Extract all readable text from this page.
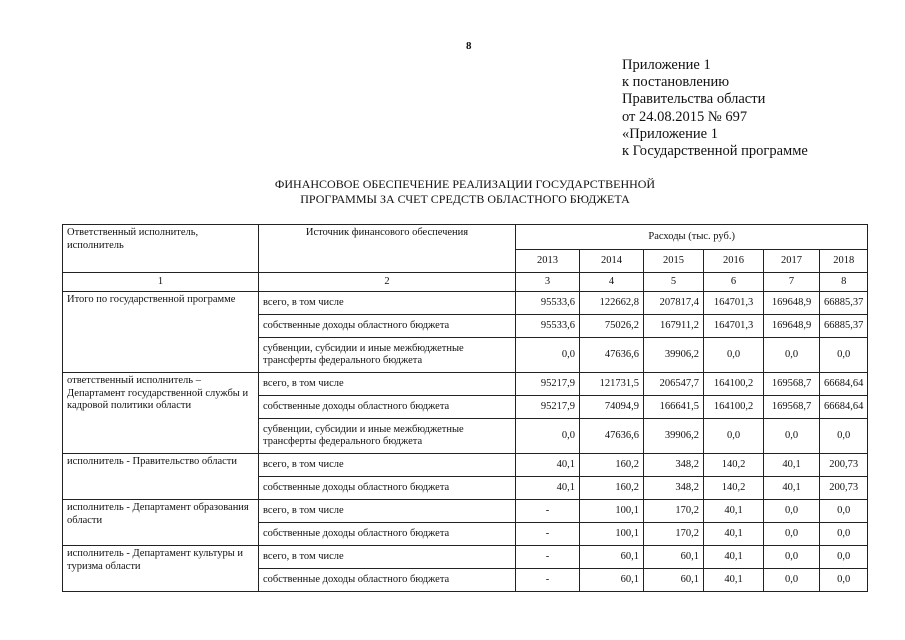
8
Приложение 1
к постановлению
Правительства области
от 24.08.2015 № 697
«Приложение 1
к Государственной программе
ФИНАНСОВОЕ ОБЕСПЕЧЕНИЕ РЕАЛИЗАЦИИ ГОСУДАРСТВЕННОЙ
ПРОГРАММЫ ЗА СЧЕТ СРЕДСТВ ОБЛАСТНОГО БЮДЖЕТА
Ответственный исполнитель, исполнитель	Источник финансового обеспечения	Расходы (тыс. руб.)					
		2013	2014	2015	2016	2017	2018
1	2	3	4	5	6	7	8
Итого по государственной программе	всего, в том числе	95533,6	122662,8	207817,4	164701,3	169648,9	66885,37
	собственные доходы областного бюджета	95533,6	75026,2	167911,2	164701,3	169648,9	66885,37
	субвенции, субсидии и иные межбюджетные трансферты федерального бюджета	0,0	47636,6	39906,2	0,0	0,0	0,0
ответственный исполнитель – Департамент государственной службы и кадровой политики области	всего, в том числе	95217,9	121731,5	206547,7	164100,2	169568,7	66684,64
	собственные доходы областного бюджета	95217,9	74094,9	166641,5	164100,2	169568,7	66684,64
	субвенции, субсидии и иные межбюджетные трансферты федерального бюджета	0,0	47636,6	39906,2	0,0	0,0	0,0
исполнитель - Правительство области	всего, в том числе	40,1	160,2	348,2	140,2	40,1	200,73
	собственные доходы областного бюджета	40,1	160,2	348,2	140,2	40,1	200,73
исполнитель - Департамент образования области	всего, в том числе	-	100,1	170,2	40,1	0,0	0,0
	собственные доходы областного бюджета	-	100,1	170,2	40,1	0,0	0,0
исполнитель - Департамент культуры и туризма области	всего, в том числе	-	60,1	60,1	40,1	0,0	0,0
	собственные доходы областного бюджета	-	60,1	60,1	40,1	0,0	0,0
